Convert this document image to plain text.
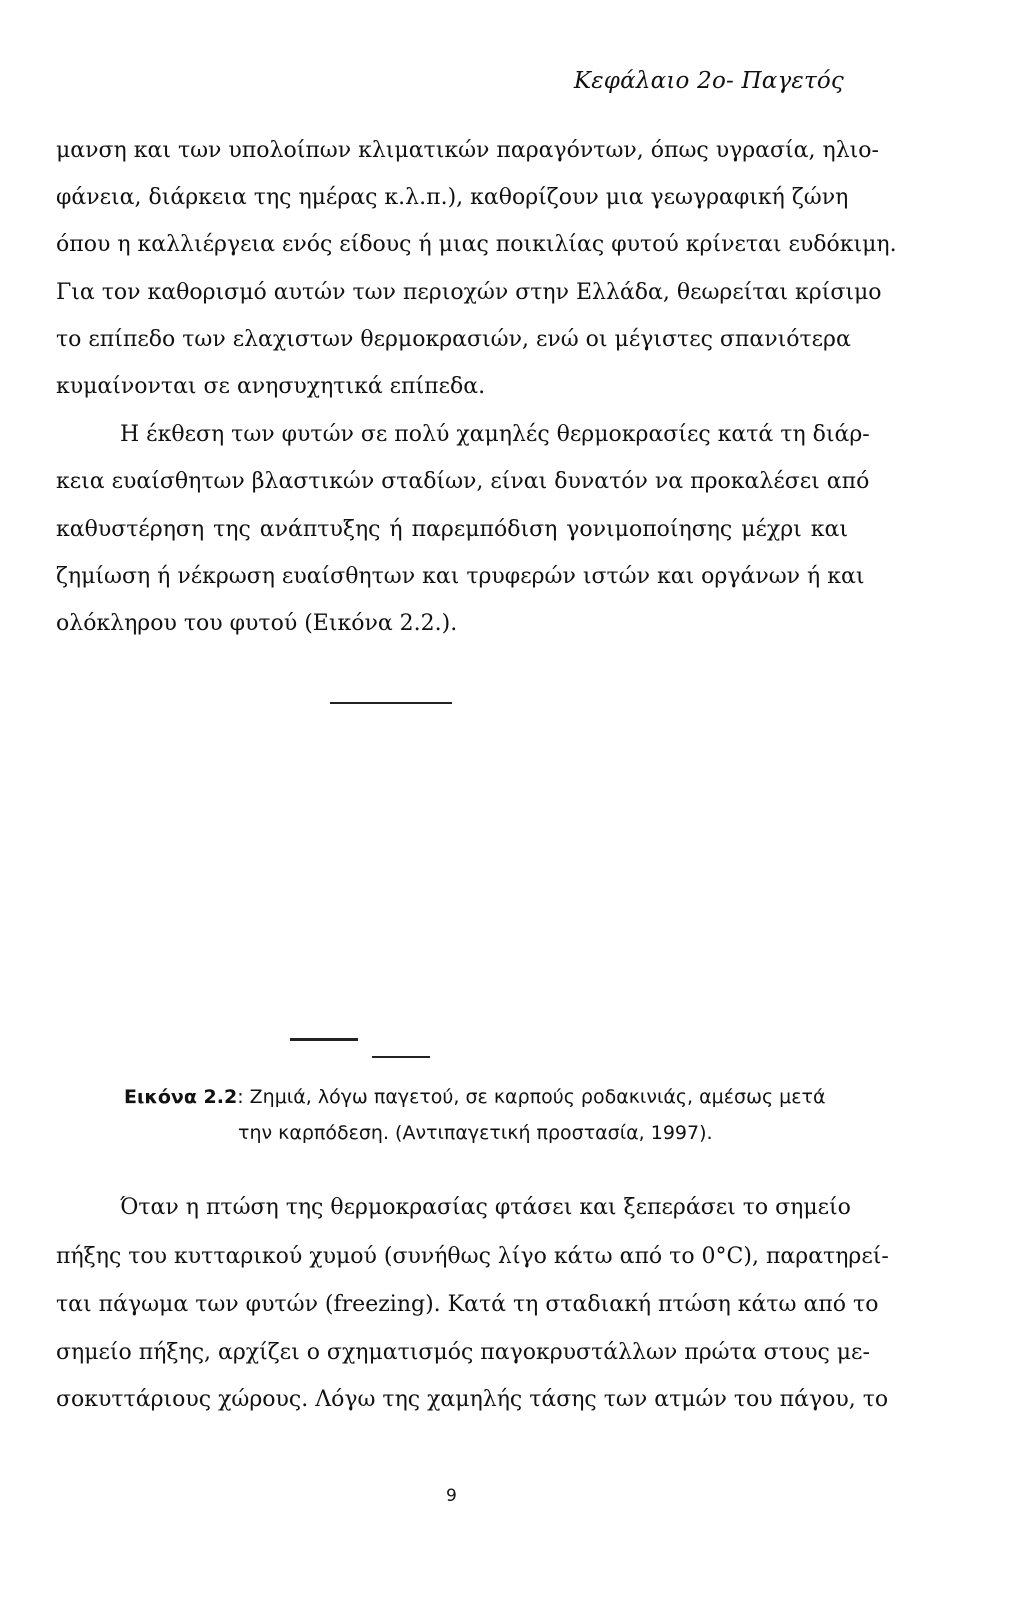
Κεφάλαιο 2ο- Παγετός
μανση και των υπολοίπων κλιματικών παραγόντων, όπως υγρασία, ηλιο-
φάνεια, διάρκεια της ημέρας κ.λ.π.), καθορίζουν μια γεωγραφική ζώνη
όπου η καλλιέργεια ενός είδους ή μιας ποικιλίας φυτού κρίνεται ευδόκιμη.
Για τον καθορισμό αυτών των περιοχών στην Ελλάδα, θεωρείται κρίσιμο
το επίπεδο των ελαχιστων θερμοκρασιών, ενώ οι μέγιστες σπανιότερα
κυμαίνονται σε ανησυχητικά επίπεδα.
Η έκθεση των φυτών σε πολύ χαμηλές θερμοκρασίες κατά τη διάρ-
κεια ευαίσθητων βλαστικών σταδίων, είναι δυνατόν να προκαλέσει από
καθυστέρηση της ανάπτυξης ή παρεμπόδιση γονιμοποίησης μέχρι και
ζημίωση ή νέκρωση ευαίσθητων και τρυφερών ιστών και οργάνων ή και
ολόκληρου του φυτού (Εικόνα 2.2.).
Εικόνα 2.2: Ζημιά, λόγω παγετού, σε καρπούς ροδακινιάς, αμέσως μετά
την καρπόδεση. (Αντιπαγετική προστασία, 1997).
Όταν η πτώση της θερμοκρασίας φτάσει και ξεπεράσει το σημείο
πήξης του κυτταρικού χυμού (συνήθως λίγο κάτω από το 0°C), παρατηρεί-
ται πάγωμα των φυτών (freezing). Κατά τη σταδιακή πτώση κάτω από το
σημείο πήξης, αρχίζει ο σχηματισμός παγοκρυστάλλων πρώτα στους με-
σοκυττάριους χώρους. Λόγω της χαμηλής τάσης των ατμών του πάγου, το
9
